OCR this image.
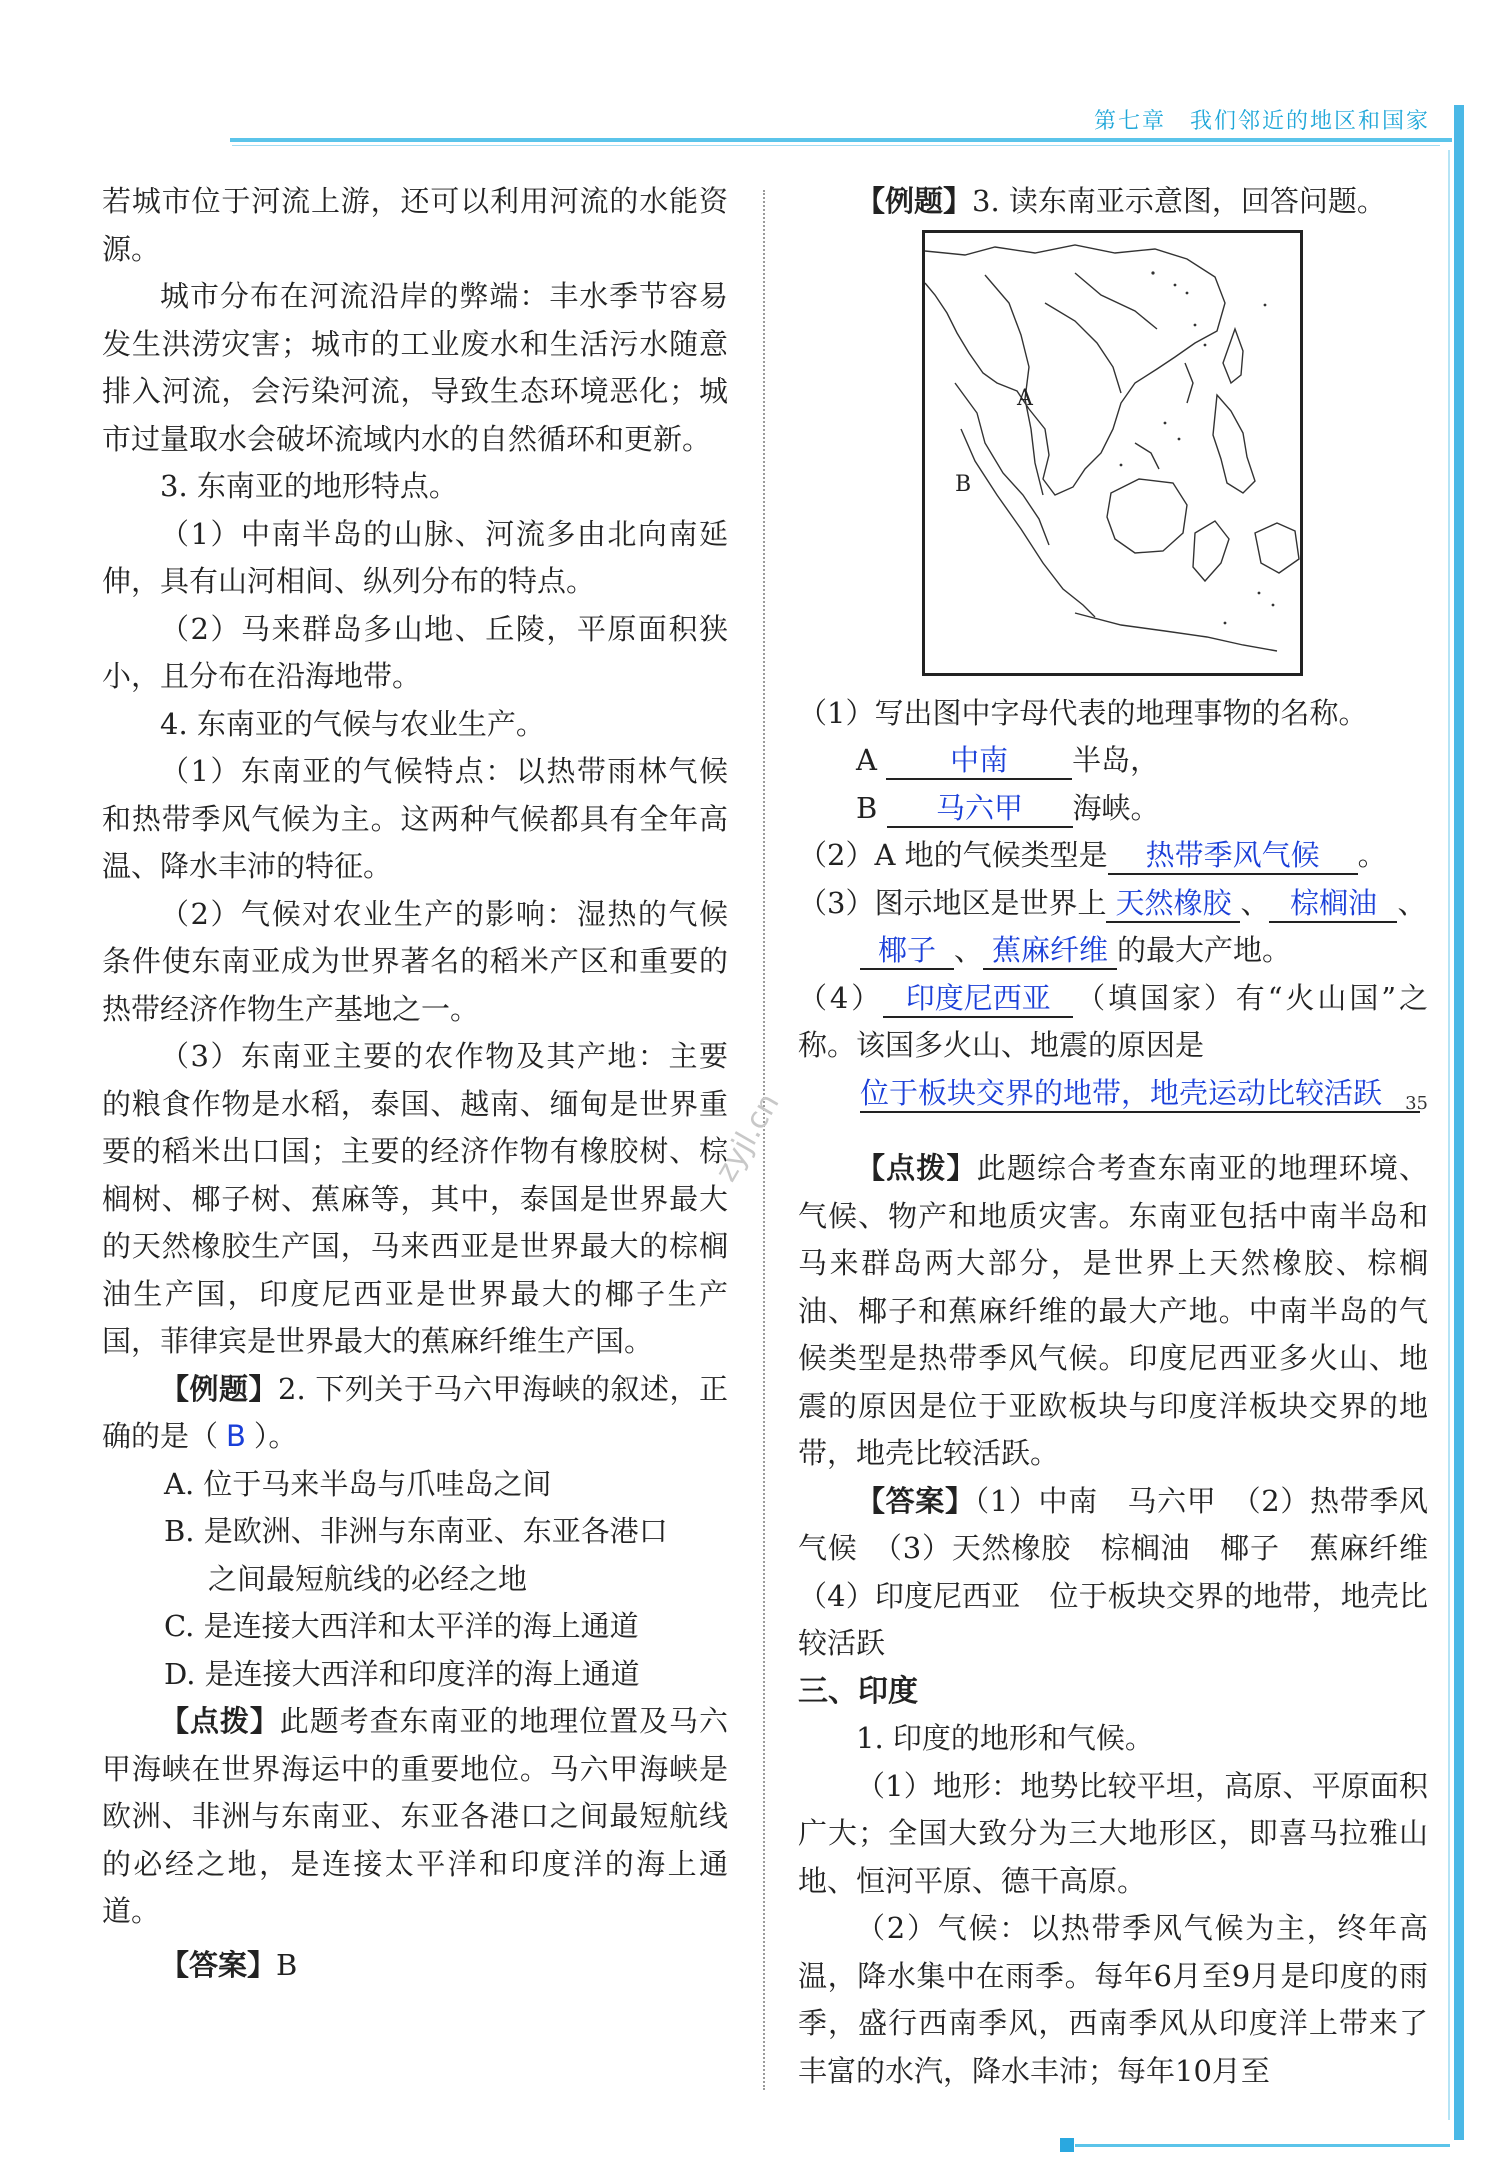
第七章　我们邻近的地区和国家
35
zyjl.cn

若城市位于河流上游，还可以利用河流的水能资源。

城市分布在河流沿岸的弊端：丰水季节容易发生洪涝灾害；城市的工业废水和生活污水随意排入河流，会污染河流，导致生态环境恶化；城市过量取水会破坏流域内水的自然循环和更新。

3. 东南亚的地形特点。

（1）中南半岛的山脉、河流多由北向南延伸，具有山河相间、纵列分布的特点。

（2）马来群岛多山地、丘陵，平原面积狭小，且分布在沿海地带。

4. 东南亚的气候与农业生产。

（1）东南亚的气候特点：以热带雨林气候和热带季风气候为主。这两种气候都具有全年高温、降水丰沛的特征。

（2）气候对农业生产的影响：湿热的气候条件使东南亚成为世界著名的稻米产区和重要的热带经济作物生产基地之一。

（3）东南亚主要的农作物及其产地：主要的粮食作物是水稻，泰国、越南、缅甸是世界重要的稻米出口国；主要的经济作物有橡胶树、棕榈树、椰子树、蕉麻等，其中，泰国是世界最大的天然橡胶生产国，马来西亚是世界最大的棕榈油生产国，印度尼西亚是世界最大的椰子生产国，菲律宾是世界最大的蕉麻纤维生产国。

【例题】2. 下列关于马六甲海峡的叙述，正确的是（ B ）。

A. 位于马来半岛与爪哇岛之间

B. 是欧洲、非洲与东南亚、东亚各港口

之间最短航线的必经之地

C. 是连接大西洋和太平洋的海上通道

D. 是连接大西洋和印度洋的海上通道

【点拨】此题考查东南亚的地理位置及马六甲海峡在世界海运中的重要地位。马六甲海峡是欧洲、非洲与东南亚、东亚各港口之间最短航线的必经之地，是连接太平洋和印度洋的海上通道。

【答案】B

【例题】3. 读东南亚示意图，回答问题。

A
B

（1）写出图中字母代表的地理事物的名称。

A	中南 半岛，

B 马六甲 海峡。

（2）A 地的气候类型是 热带季风气候 。

（3）图示地区是世界上 天然橡胶 、 棕榈油 、

椰子 、 蕉麻纤维 的最大产地。

（4） 印度尼西亚 （填国家）有“火山国”之称。该国多火山、地震的原因是

位于板块交界的地带，地壳运动比较活跃

【点拨】此题综合考查东南亚的地理环境、气候、物产和地质灾害。东南亚包括中南半岛和马来群岛两大部分，是世界上天然橡胶、棕榈油、椰子和蕉麻纤维的最大产地。中南半岛的气候类型是热带季风气候。印度尼西亚多火山、地震的原因是位于亚欧板块与印度洋板块交界的地带，地壳比较活跃。

【答案】（1）中南　马六甲　（2）热带季风气候　（3）天然橡胶　棕榈油　椰子　蕉麻纤维　（4）印度尼西亚　位于板块交界的地带，地壳比较活跃

三、印度

1. 印度的地形和气候。

（1）地形：地势比较平坦，高原、平原面积广大；全国大致分为三大地形区，即喜马拉雅山地、恒河平原、德干高原。

（2）气候：以热带季风气候为主，终年高温，降水集中在雨季。每年6月至9月是印度的雨季，盛行西南季风，西南季风从印度洋上带来了丰富的水汽，降水丰沛；每年10月至
